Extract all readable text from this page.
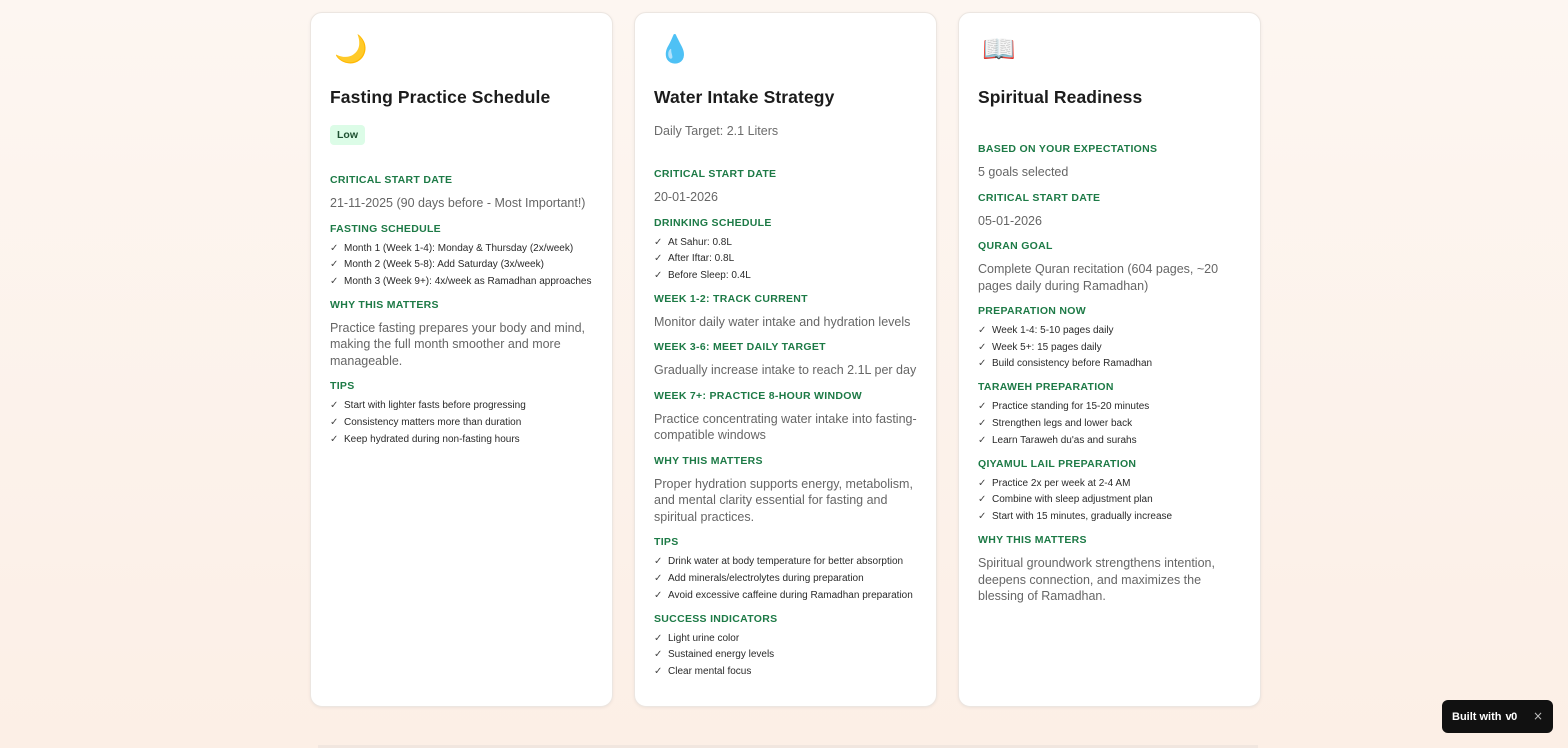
🌙
Fasting Practice Schedule
Low
CRITICAL START DATE
21-11-2025 (90 days before - Most Important!)
FASTING SCHEDULE
✓ Month 1 (Week 1-4): Monday & Thursday (2x/week)
✓ Month 2 (Week 5-8): Add Saturday (3x/week)
✓ Month 3 (Week 9+): 4x/week as Ramadhan approaches
WHY THIS MATTERS
Practice fasting prepares your body and mind, making the full month smoother and more manageable.
TIPS
✓ Start with lighter fasts before progressing
✓ Consistency matters more than duration
✓ Keep hydrated during non-fasting hours
💧
Water Intake Strategy
Daily Target: 2.1 Liters
CRITICAL START DATE
20-01-2026
DRINKING SCHEDULE
✓ At Sahur: 0.8L
✓ After Iftar: 0.8L
✓ Before Sleep: 0.4L
WEEK 1-2: TRACK CURRENT
Monitor daily water intake and hydration levels
WEEK 3-6: MEET DAILY TARGET
Gradually increase intake to reach 2.1L per day
WEEK 7+: PRACTICE 8-HOUR WINDOW
Practice concentrating water intake into fasting-compatible windows
WHY THIS MATTERS
Proper hydration supports energy, metabolism, and mental clarity essential for fasting and spiritual practices.
TIPS
✓ Drink water at body temperature for better absorption
✓ Add minerals/electrolytes during preparation
✓ Avoid excessive caffeine during Ramadhan preparation
SUCCESS INDICATORS
✓ Light urine color
✓ Sustained energy levels
✓ Clear mental focus
📖
Spiritual Readiness
BASED ON YOUR EXPECTATIONS
5 goals selected
CRITICAL START DATE
05-01-2026
QURAN GOAL
Complete Quran recitation (604 pages, ~20 pages daily during Ramadhan)
PREPARATION NOW
✓ Week 1-4: 5-10 pages daily
✓ Week 5+: 15 pages daily
✓ Build consistency before Ramadhan
TARAWEH PREPARATION
✓ Practice standing for 15-20 minutes
✓ Strengthen legs and lower back
✓ Learn Taraweh du'as and surahs
QIYAMUL LAIL PREPARATION
✓ Practice 2x per week at 2-4 AM
✓ Combine with sleep adjustment plan
✓ Start with 15 minutes, gradually increase
WHY THIS MATTERS
Spiritual groundwork strengthens intention, deepens connection, and maximizes the blessing of Ramadhan.
Built with v0 ×
